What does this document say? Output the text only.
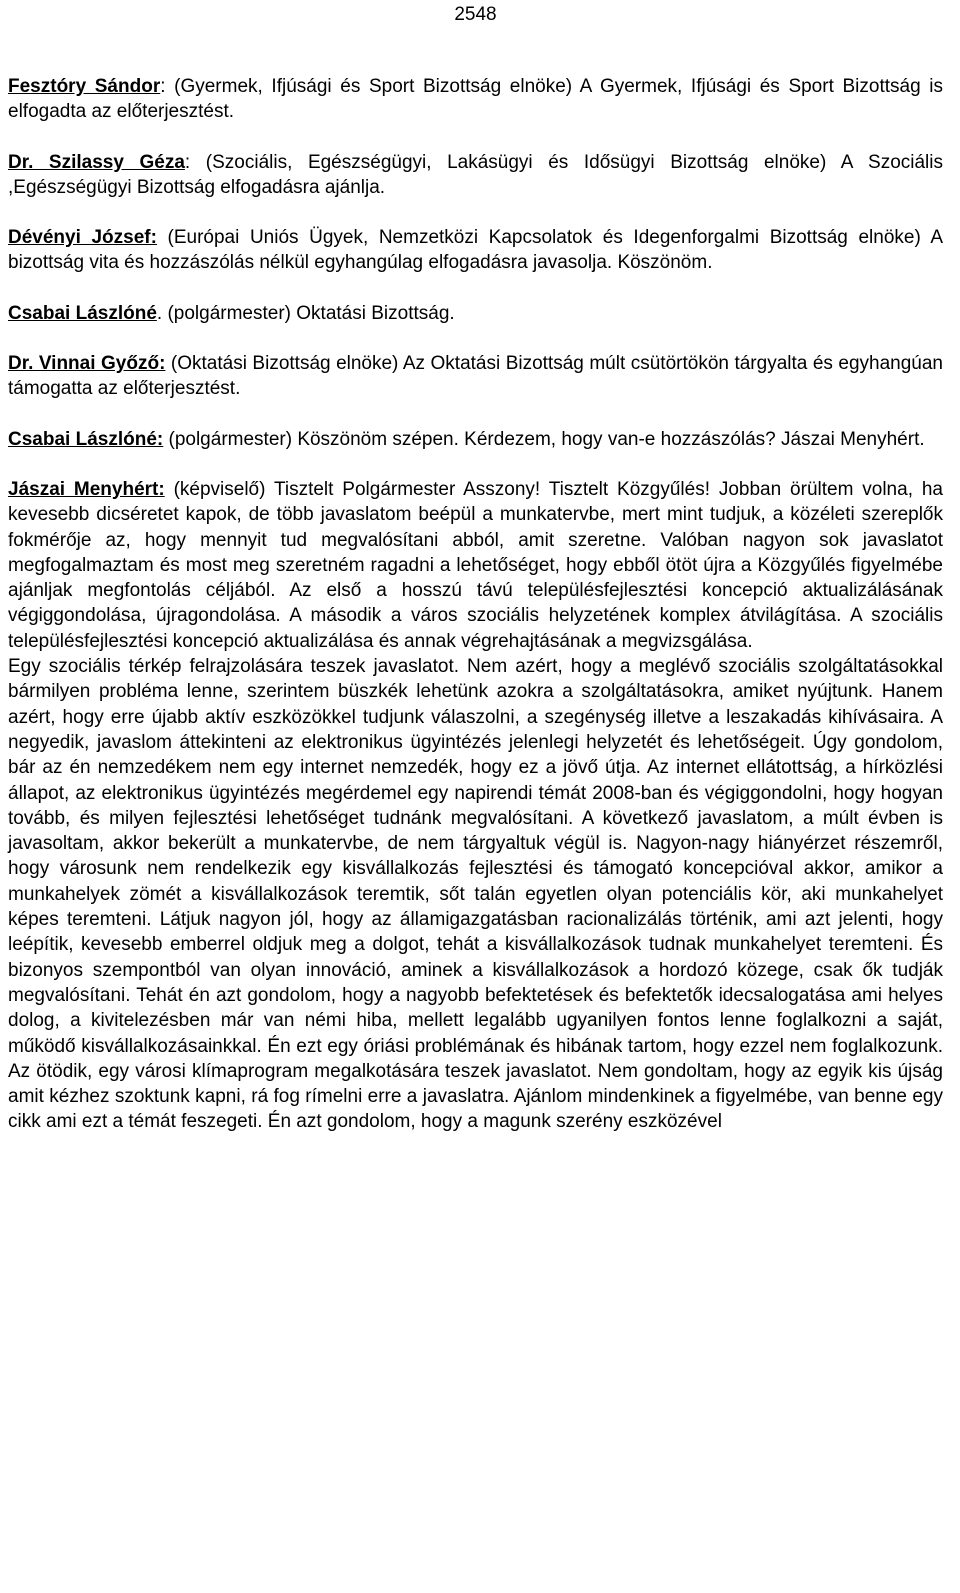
2548

Fesztóry Sándor: (Gyermek, Ifjúsági és Sport Bizottság elnöke) A Gyermek, Ifjúsági és Sport Bizottság is elfogadta az előterjesztést.

Dr. Szilassy Géza: (Szociális, Egészségügyi, Lakásügyi és Idősügyi Bizottság elnöke) A Szociális ,Egészségügyi Bizottság elfogadásra ajánlja.

Dévényi József: (Európai Uniós Ügyek, Nemzetközi Kapcsolatok és Idegenforgalmi Bizottság elnöke) A bizottság vita és hozzászólás nélkül egyhangúlag elfogadásra javasolja. Köszönöm.

Csabai Lászlóné. (polgármester) Oktatási Bizottság.

Dr. Vinnai Győző: (Oktatási Bizottság elnöke) Az Oktatási Bizottság múlt csütörtökön tárgyalta és egyhangúan támogatta az előterjesztést.

Csabai Lászlóné: (polgármester) Köszönöm szépen. Kérdezem, hogy van-e hozzászólás? Jászai Menyhért.

Jászai Menyhért: (képviselő) Tisztelt Polgármester Asszony! Tisztelt Közgyűlés! Jobban örültem volna, ha kevesebb dicséretet kapok, de több javaslatom beépül a munkatervbe, mert mint tudjuk, a közéleti szereplők fokmérője az, hogy mennyit tud megvalósítani abból, amit szeretne. Valóban nagyon sok javaslatot megfogalmaztam és most meg szeretném ragadni a lehetőséget, hogy ebből ötöt újra a Közgyűlés figyelmébe ajánljak megfontolás céljából. Az első a hosszú távú településfejlesztési koncepció aktualizálásának végiggondolása, újragondolása. A második a város szociális helyzetének komplex átvilágítása. A szociális településfejlesztési koncepció aktualizálása és annak végrehajtásának a megvizsgálása.

Egy szociális térkép felrajzolására teszek javaslatot. Nem azért, hogy a meglévő szociális szolgáltatásokkal bármilyen probléma lenne, szerintem büszkék lehetünk azokra a szolgáltatásokra, amiket nyújtunk. Hanem azért, hogy erre újabb aktív eszközökkel tudjunk válaszolni, a szegénység illetve a leszakadás kihívásaira. A negyedik, javaslom áttekinteni az elektronikus ügyintézés jelenlegi helyzetét és lehetőségeit. Úgy gondolom, bár az én nemzedékem nem egy internet nemzedék, hogy ez a jövő útja. Az internet ellátottság, a hírközlési állapot, az elektronikus ügyintézés megérdemel egy napirendi témát 2008-ban és végiggondolni, hogy hogyan tovább, és milyen fejlesztési lehetőséget tudnánk megvalósítani. A következő javaslatom, a múlt évben is javasoltam, akkor bekerült a munkatervbe, de nem tárgyaltuk végül is. Nagyon-nagy hiányérzet részemről, hogy városunk nem rendelkezik egy kisvállalkozás fejlesztési és támogató koncepcióval akkor, amikor a munkahelyek zömét a kisvállalkozások teremtik, sőt talán egyetlen olyan potenciális kör, aki munkahelyet képes teremteni. Látjuk nagyon jól, hogy az államigazgatásban racionalizálás történik, ami azt jelenti, hogy leépítik, kevesebb emberrel oldjuk meg a dolgot, tehát a kisvállalkozások tudnak munkahelyet teremteni. És bizonyos szempontból van olyan innováció, aminek a kisvállalkozások a hordozó közege, csak ők tudják megvalósítani. Tehát én azt gondolom, hogy a nagyobb befektetések és befektetők idecsalogatása ami helyes dolog, a kivitelezésben már van némi hiba, mellett legalább ugyanilyen fontos lenne foglalkozni a saját, működő kisvállalkozásainkkal. Én ezt egy óriási problémának és hibának tartom, hogy ezzel nem foglalkozunk. Az ötödik, egy városi klímaprogram megalkotására teszek javaslatot. Nem gondoltam, hogy az egyik kis újság amit kézhez szoktunk kapni, rá fog rímelni erre a javaslatra. Ajánlom mindenkinek a figyelmébe, van benne egy cikk ami ezt a témát feszegeti. Én azt gondolom, hogy a magunk szerény eszközével
